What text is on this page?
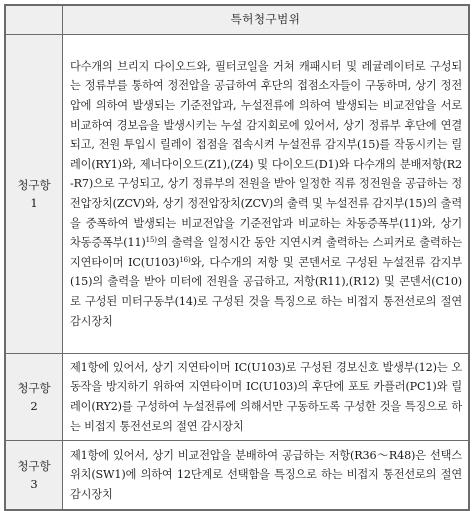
	특허청구범위

청구항
1	다수개의 브리지 다이오드와, 필터코일을 거쳐 캐패시터 및 레귤레이터로 구성되는 정류부를 통하여 정전압을 공급하여 후단의 접점소자들이 구동하며, 상기 정전압에 의하여 발생되는 기준전압과, 누설전류에 의하여 발생되는 비교전압을 서로 비교하여 경보음을 발생시키는 누설 감지회로에 있어서, 상기 정류부 후단에 연결되고, 전원 투입시 릴레이 접점을 접속시켜 누설전류 감지부(15)를 작동시키는 릴레이(RY1)와, 제너다이오드(Z1),(Z4) 및 다이오드(D1)와 다수개의 분배저항(R2-R7)으로 구성되고, 상기 정류부의 전원을 받아 일정한 직류 정전원을 공급하는 정전압장치(ZCV)와, 상기 정전압장치(ZCV)의 출력 및 누설전류 감지부(15)의 출력을 중폭하여 발생되는 비교전압을 기준전압과 비교하는 차동증폭부(11)와, 상기 차동증폭부$(11)^{15)}$의 출력을 일정시간 동안 지연시켜 출력하는 스피커로 출력하는 지연타이머 $IC(U103)^{16)}$와, 다수개의 저항 및 콘덴서로 구성된 누설전류 감지부(15)의 출력을 받아 미터에 전원을 공급하고, 저항(R11),(R12) 및 콘덴서(C10)로 구성된 미터구동부(14)로 구성된 것을 특징으로 하는 비접지 통전선로의 절연 감시장치

청구항
2	제1항에 있어서, 상기 지연타이머 IC(U103)로 구성된 경보신호 발생부(12)는 오동작을 방지하기 위하여 지연타이머 IC(U103)의 후단에 포토 카플러(PC1)와 릴레이(RY2)를 구성하여 누설전류에 의해서만 구동하도록 구성한 것을 특징으로 하는 비접지 통전선로의 절연 감시장치

청구항
3	제1항에 있어서, 상기 비교전압을 분배하여 공급하는 저항(R36～R48)은 선택스위치(SW1)에 의하여 12단계로 선택함을 특징으로 하는 비접지 통전선로의 절연 감시장치
